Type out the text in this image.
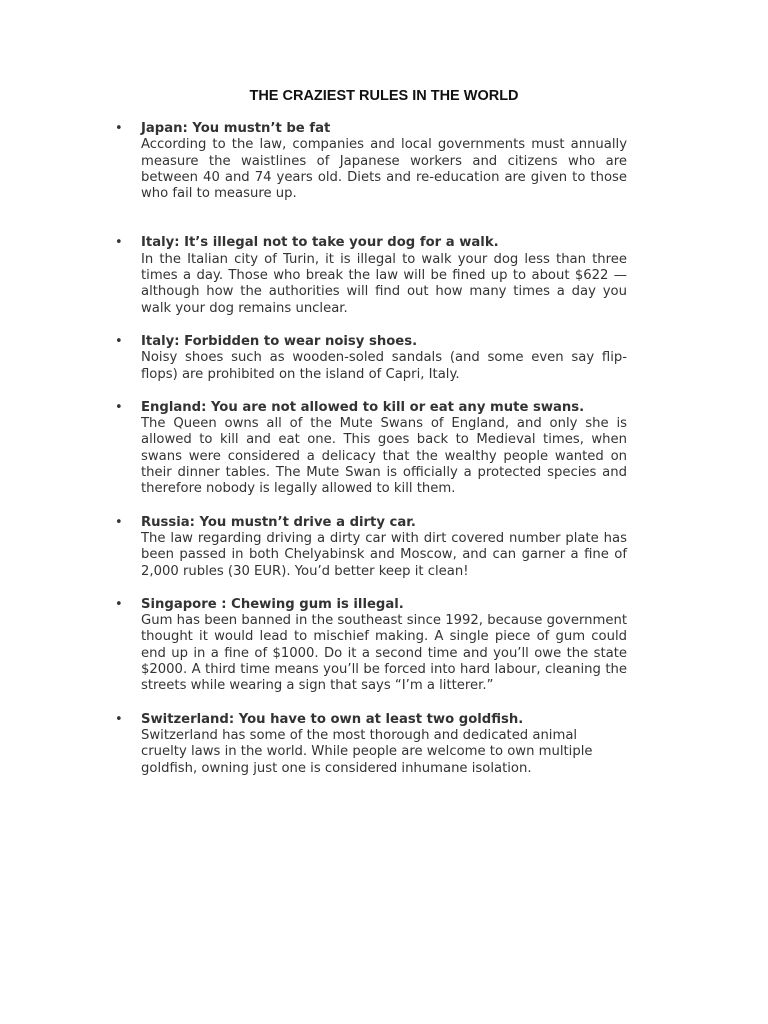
THE CRAZIEST RULES IN THE WORLD
• Japan: You mustn’t be fat
According to the law, companies and local governments must annually measure the waistlines of Japanese workers and citizens who are between 40 and 74 years old. Diets and re-education are given to those who fail to measure up.
• Italy: It’s illegal not to take your dog for a walk.
In the Italian city of Turin, it is illegal to walk your dog less than three times a day. Those who break the law will be fined up to about $622 — although how the authorities will find out how many times a day you walk your dog remains unclear.
• Italy: Forbidden to wear noisy shoes.
Noisy shoes such as wooden-soled sandals (and some even say flip-flops) are prohibited on the island of Capri, Italy.
• England: You are not allowed to kill or eat any mute swans.
The Queen owns all of the Mute Swans of England, and only she is allowed to kill and eat one. This goes back to Medieval times, when swans were considered a delicacy that the wealthy people wanted on their dinner tables. The Mute Swan is officially a protected species and therefore nobody is legally allowed to kill them.
• Russia: You mustn’t drive a dirty car.
The law regarding driving a dirty car with dirt covered number plate has been passed in both Chelyabinsk and Moscow, and can garner a fine of 2,000 rubles (30 EUR). You’d better keep it clean!
• Singapore : Chewing gum is illegal.
Gum has been banned in the southeast since 1992, because government thought it would lead to mischief making. A single piece of gum could end up in a fine of $1000. Do it a second time and you’ll owe the state $2000. A third time means you’ll be forced into hard labour, cleaning the streets while wearing a sign that says “I’m a litterer.”
• Switzerland: You have to own at least two goldfish.
Switzerland has some of the most thorough and dedicated animal cruelty laws in the world. While people are welcome to own multiple goldfish, owning just one is considered inhumane isolation.
